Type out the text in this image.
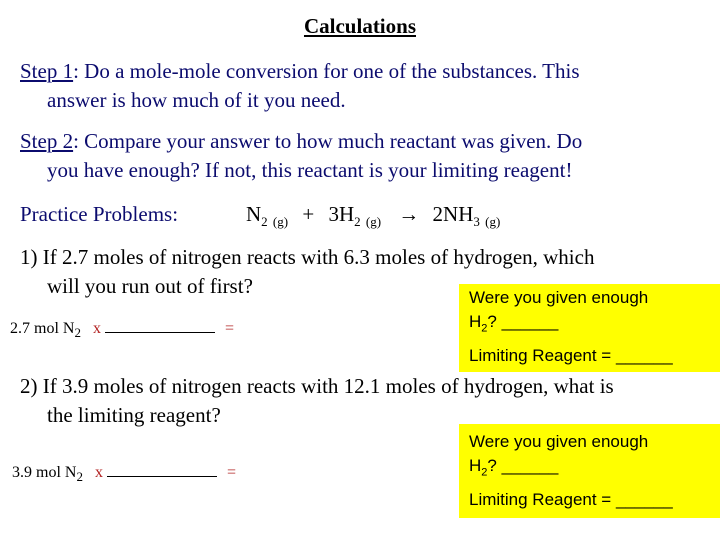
Calculations
Step 1: Do a mole-mole conversion for one of the substances. This
answer is how much of it you need.
Step 2: Compare your answer to how much reactant was given. Do
you have enough? If not, this reactant is your limiting reagent!
Practice Problems:	$N_2$ $_{(g)} + 3H_2$ $_{(g)} \to 2NH_3$ $_{(g)}$
1) If 2.7 moles of nitrogen reacts with 6.3 moles of hydrogen, which
will you run out of first?
2.7 mol $N_2$ x	=
Were you given enough
$H_2$? ______
Limiting Reagent = ______
2) If 3.9 moles of nitrogen reacts with 12.1 moles of hydrogen, what is
the limiting reagent?
3.9 mol $N_2$ x	=
Were you given enough
$H_2$? ______
Limiting Reagent = ______
